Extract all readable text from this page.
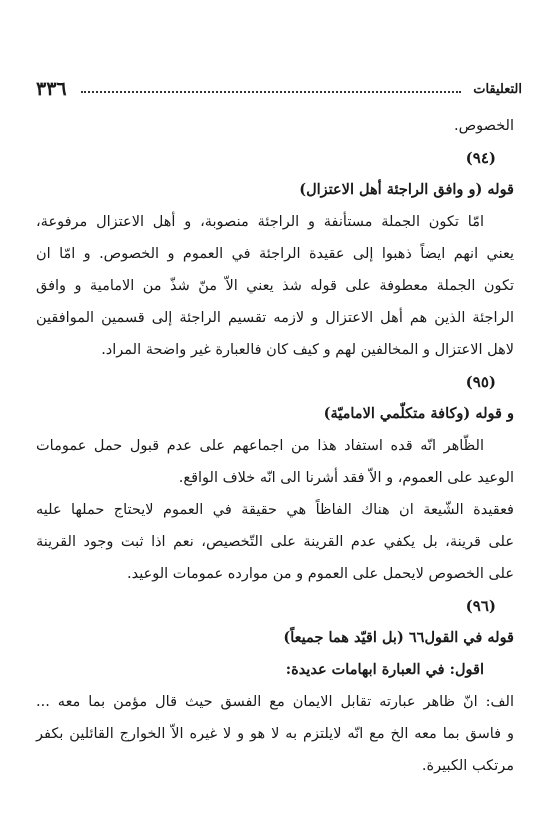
٣٣٦	التعليقات
الخصوص.
(٩٤)
قوله (و وافق الراجئة أهل الاعتزال)
امّا تكون الجملة مستأنفة و الراجئة منصوبة، و أهل الاعتزال مرفوعة،
يعني انهم ايضاً ذهبوا إلى عقيدة الراجئة في العموم و الخصوص. و امّا ان
تكون الجملة معطوفة على قوله شذ يعني الاّ منّ شذّ من الامامية و وافق
الراجئة الذين هم أهل الاعتزال و لازمه تقسيم الراجئة إلى قسمين الموافقين
لاهل الاعتزال و المخالفين لهم و كيف كان فالعبارة غير واضحة المراد.
(٩٥)
و قوله (وكافة متكلّمي الاماميّة)
الظّاهر انّه قده استفاد هذا من اجماعهم على عدم قبول حمل عمومات
الوعيد على العموم، و الاّ فقد أشرنا الى انّه خلاف الواقع.
فعقيدة الشّيعة ان هناك الفاظاً هي حقيقة في العموم لايحتاج حملها عليه
على قرينة، بل يكفي عدم القرينة على التّخصيص، نعم اذا ثبت وجود القرينة
على الخصوص لايحمل على العموم و من موارده عمومات الوعيد.
(٩٦)
قوله في القول٦٦ (بل اقيّد هما جميعاً)
اقول: في العبارة ابهامات عديدة:
الف: انّ ظاهر عبارته تقابل الايمان مع الفسق حيث قال مؤمن بما معه ...
و فاسق بما معه الخ مع انّه لايلتزم به لا هو و لا غيره الاّ الخوارج القائلين بكفر
مرتكب الكبيرة.
